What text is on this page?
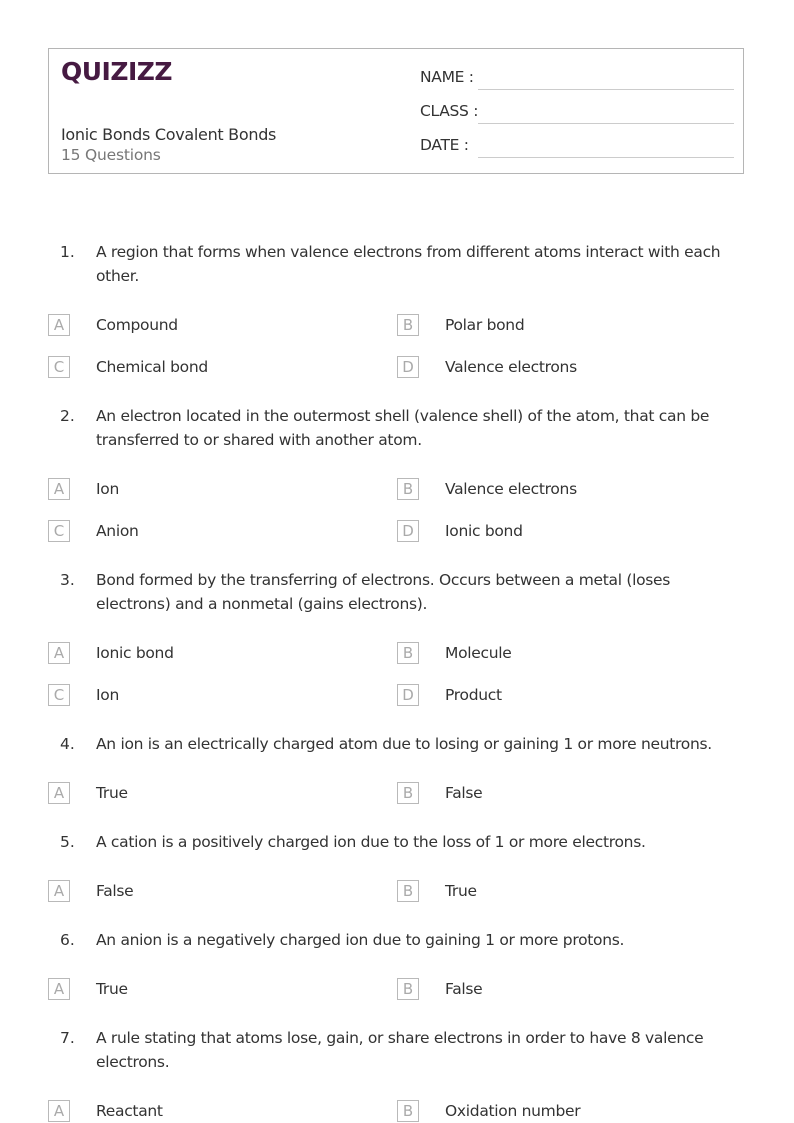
QUIZIZZ
Ionic Bonds Covalent Bonds
15 Questions
NAME :
CLASS :
DATE :
1. A region that forms when valence electrons from different atoms interact with each other.
A	Compound	B	Polar bond
C	Chemical bond	D	Valence electrons
2. An electron located in the outermost shell (valence shell) of the atom, that can be transferred to or shared with another atom.
A	Ion	B	Valence electrons
C	Anion	D	Ionic bond
3. Bond formed by the transferring of electrons. Occurs between a metal (loses electrons) and a nonmetal (gains electrons).
A	Ionic bond	B	Molecule
C	Ion	D	Product
4. An ion is an electrically charged atom due to losing or gaining 1 or more neutrons.
A	True	B	False
5. A cation is a positively charged ion due to the loss of 1 or more electrons.
A	False	B	True
6. An anion is a negatively charged ion due to gaining 1 or more protons.
A	True	B	False
7. A rule stating that atoms lose, gain, or share electrons in order to have 8 valence electrons.
A	Reactant	B	Oxidation number
